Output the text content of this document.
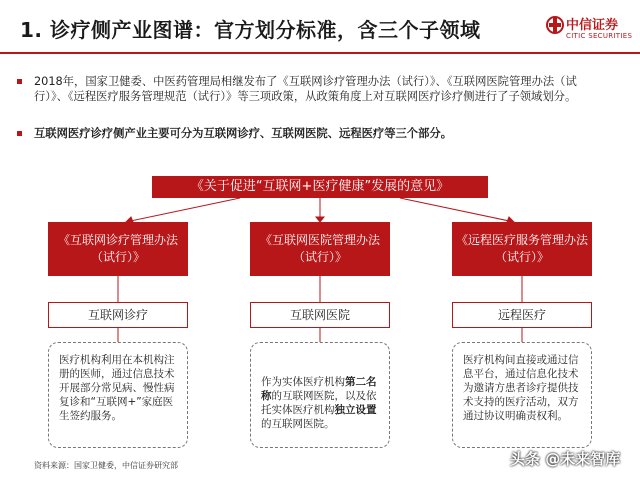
1. 诊疗侧产业图谱：官方划分标准，含三个子领域	中信证券
CITIC SECURITIES
2018年，国家卫健委、中医药管理局相继发布了《互联网诊疗管理办法（试行）》、《互联网医院管理办法（试行）》、《远程医疗服务管理规范（试行）》等三项政策，从政策角度上对互联网医疗诊疗侧进行了子领域划分。
互联网医疗诊疗侧产业主要可分为互联网诊疗、互联网医院、远程医疗等三个部分。
《关于促进“互联网+医疗健康”发展的意见》
《互联网诊疗管理办法（试行）》
《互联网医院管理办法（试行）》
《远程医疗服务管理办法（试行）》
互联网诊疗	互联网医院	远程医疗
医疗机构利用在本机构注册的医师，通过信息技术开展部分常见病、慢性病复诊和“互联网+”家庭医生签约服务。
作为实体医疗机构第二名称的互联网医院，以及依托实体医疗机构独立设置的互联网医院。
医疗机构间直接或通过信息平台，通过信息化技术为邀请方患者诊疗提供技术支持的医疗活动，双方通过协议明确责权利。
资料来源：国家卫健委，中信证券研究部	头条 @未来智库
